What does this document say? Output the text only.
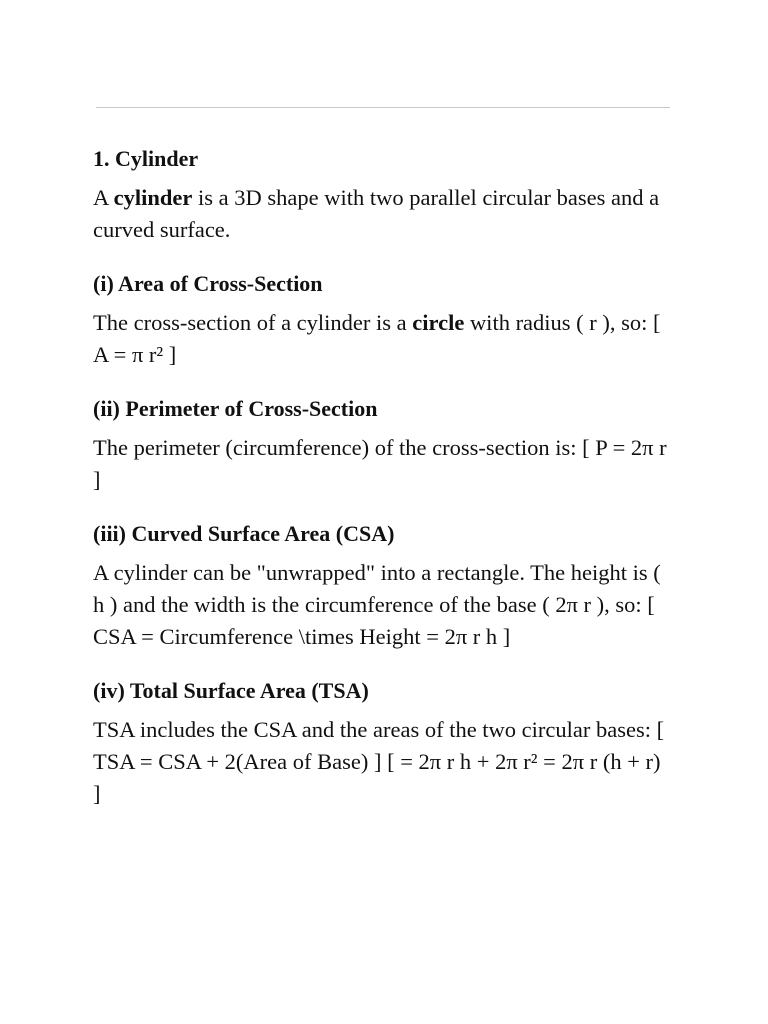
1. Cylinder
A cylinder is a 3D shape with two parallel circular bases and a curved surface.
(i) Area of Cross-Section
The cross-section of a cylinder is a circle with radius ( r ), so: [ A = π r² ]
(ii) Perimeter of Cross-Section
The perimeter (circumference) of the cross-section is: [ P = 2π r ]
(iii) Curved Surface Area (CSA)
A cylinder can be "unwrapped" into a rectangle. The height is ( h ) and the width is the circumference of the base ( 2π r ), so: [ CSA = Circumference \times Height = 2π r h ]
(iv) Total Surface Area (TSA)
TSA includes the CSA and the areas of the two circular bases: [ TSA = CSA + 2(Area of Base) ] [ = 2π r h + 2π r² = 2π r (h + r) ]
